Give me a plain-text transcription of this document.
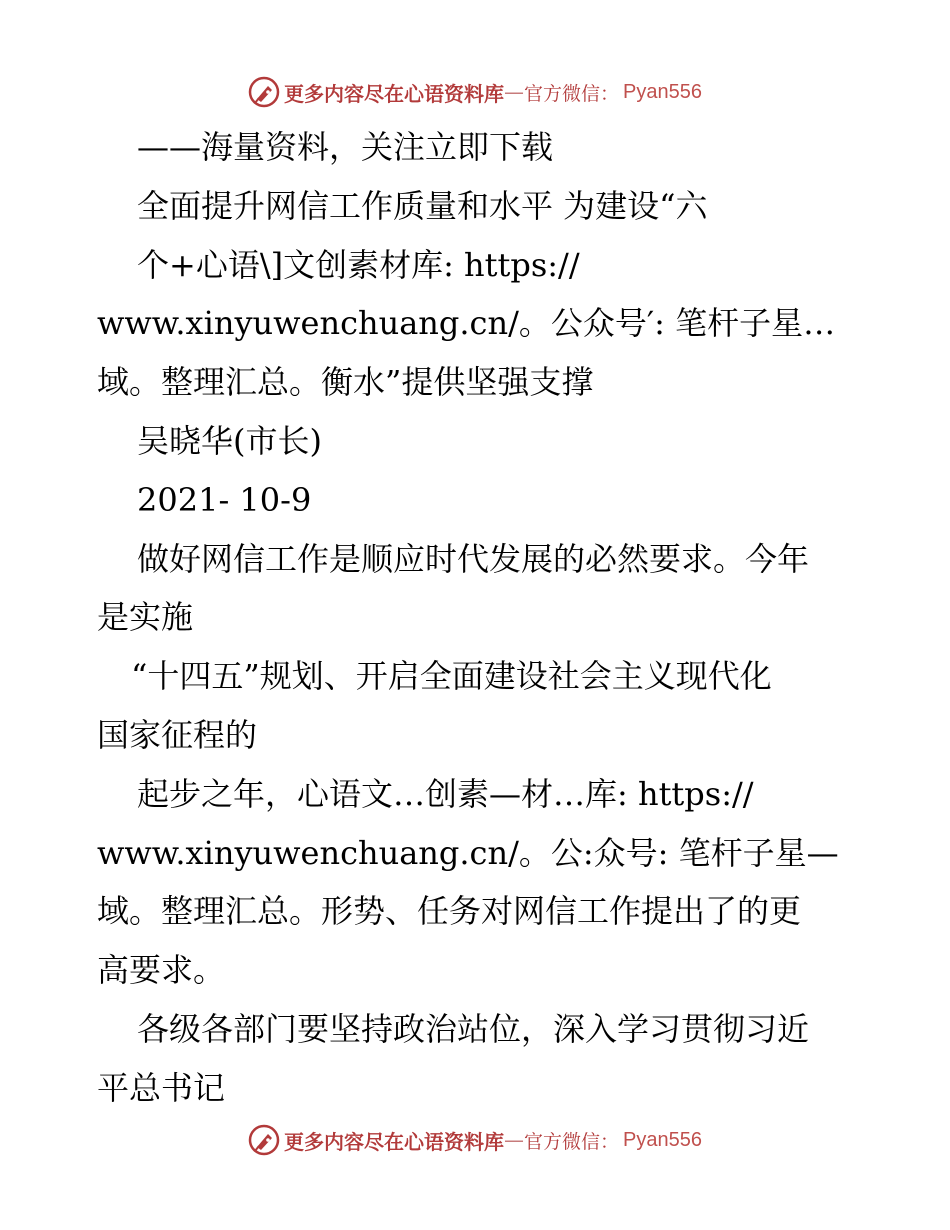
更多内容尽在心语资料库 — 官方微信： Pyan556
——海量资料，关注立即下载
全面提升网信工作质量和水平 为建设“六
个+心语\]文创素材库: https://
www.xinyuwenchuang.cn/。公众号′: 笔杆子星…
域。整理汇总。衡水”提供坚强支撑
吴晓华(市长)
2021- 10-9
做好网信工作是顺应时代发展的必然要求。今年
是实施
“十四五”规划、开启全面建设社会主义现代化
国家征程的
起步之年，心语文…创素—材…库: https://
www.xinyuwenchuang.cn/。公:众号: 笔杆子星—
域。整理汇总。形势、任务对网信工作提出了的更
高要求。
各级各部门要坚持政治站位，深入学习贯彻习近
平总书记
更多内容尽在心语资料库 — 官方微信： Pyan556
